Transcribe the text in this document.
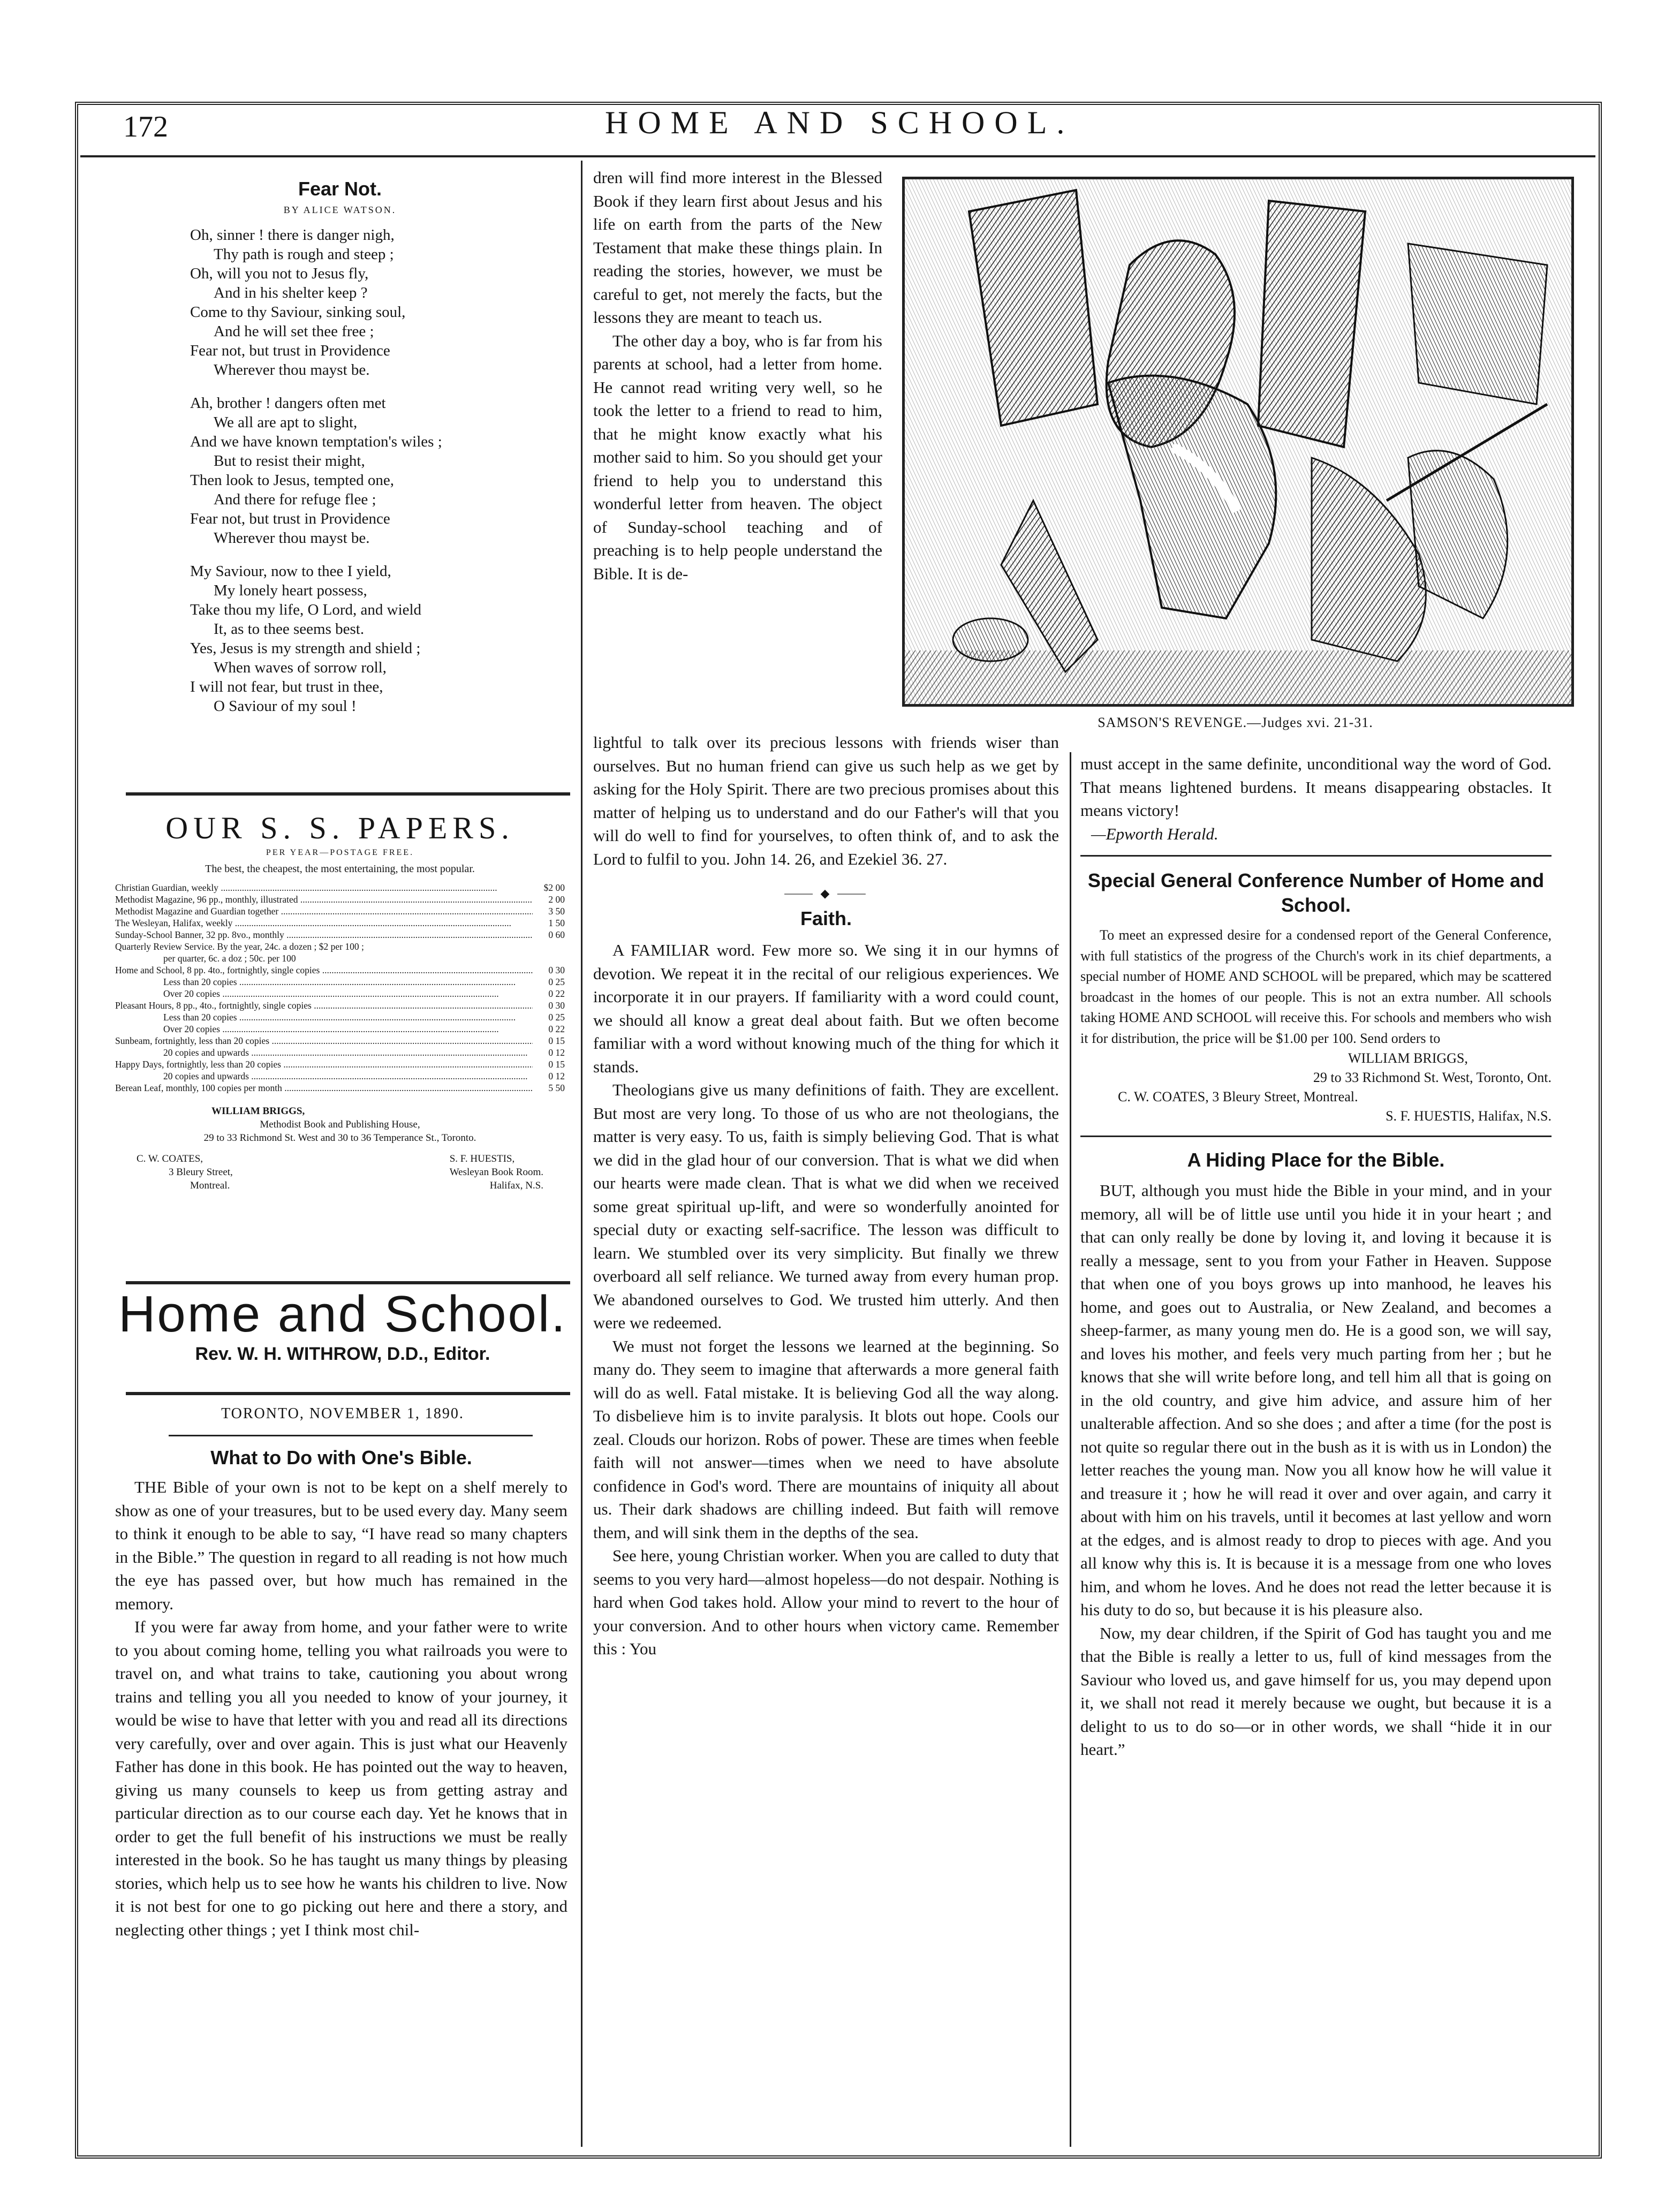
172	HOME AND SCHOOL.
Fear Not.
BY ALICE WATSON.

Oh, sinner ! there is danger nigh,

Thy path is rough and steep ;

Oh, will you not to Jesus fly,

And in his shelter keep ?

Come to thy Saviour, sinking soul,

And he will set thee free ;

Fear not, but trust in Providence

Wherever thou mayst be.

Ah, brother ! dangers often met

We all are apt to slight,

And we have known temptation's wiles ;

But to resist their might,

Then look to Jesus, tempted one,

And there for refuge flee ;

Fear not, but trust in Providence

Wherever thou mayst be.

My Saviour, now to thee I yield,

My lonely heart possess,

Take thou my life, O Lord, and wield

It, as to thee seems best.

Yes, Jesus is my strength and shield ;

When waves of sorrow roll,

I will not fear, but trust in thee,

O Saviour of my soul !

OUR S. S. PAPERS.
PER YEAR—POSTAGE FREE.
The best, the cheapest, the most entertaining, the most popular.
Christian Guardian, weekly .....	$2 00
Methodist Magazine, 96 pp., monthly, illustrated .....	2 00
Methodist Magazine and Guardian together .....	3 50
The Wesleyan, Halifax, weekly .....	1 50
Sunday-School Banner, 32 pp. 8vo., monthly .....	0 60
Quarterly Review Service. By the year, 24c. a dozen ; $2 per 100 ;
per quarter, 6c. a doz ; 50c. per 100
Home and School, 8 pp. 4to., fortnightly, single copies .....	0 30
Less than 20 copies .....	0 25
Over 20 copies .....	0 22
Pleasant Hours, 8 pp., 4to., fortnightly, single copies .....	0 30
Less than 20 copies .....	0 25
Over 20 copies .....	0 22
Sunbeam, fortnightly, less than 20 copies .....	0 15
20 copies and upwards .....	0 12
Happy Days, fortnightly, less than 20 copies .....	0 15
20 copies and upwards .....	0 12
Berean Leaf, monthly, 100 copies per month .....	5 50

WILLIAM BRIGGS,

Methodist Book and Publishing House,

29 to 33 Richmond St. West and 30 to 36 Temperance St., Toronto.

C. W. COATES,

3 Bleury Street,

Montreal.

S. F. HUESTIS,

Wesleyan Book Room.

Halifax, N.S.

Home and School.

Rev. W. H. WITHROW, D.D., Editor.

TORONTO, NOVEMBER 1, 1890.
What to Do with One's Bible.

THE Bible of your own is not to be kept on a shelf merely to show as one of your treasures, but to be used every day. Many seem to think it enough to be able to say, “I have read so many chapters in the Bible.” The question in regard to all reading is not how much the eye has passed over, but how much has remained in the memory.

If you were far away from home, and your father were to write to you about coming home, telling you what railroads you were to travel on, and what trains to take, cautioning you about wrong trains and telling you all you needed to know of your journey, it would be wise to have that letter with you and read all its directions very carefully, over and over again. This is just what our Heavenly Father has done in this book. He has pointed out the way to heaven, giving us many counsels to keep us from getting astray and particular direction as to our course each day. Yet he knows that in order to get the full benefit of his instructions we must be really interested in the book. So he has taught us many things by pleasing stories, which help us to see how he wants his children to live. Now it is not best for one to go picking out here and there a story, and neglecting other things ; yet I think most chil-

dren will find more interest in the Blessed Book if they learn first about Jesus and his life on earth from the parts of the New Testament that make these things plain. In reading the stories, however, we must be careful to get, not merely the facts, but the lessons they are meant to teach us.

The other day a boy, who is far from his parents at school, had a letter from home. He cannot read writing very well, so he took the letter to a friend to read to him, that he might know exactly what his mother said to him. So you should get your friend to help you to understand this wonderful letter from heaven. The object of Sunday-school teaching and of preaching is to help people understand the Bible. It is de-

SAMSON'S REVENGE.—Judges xvi. 21-31.

lightful to talk over its precious lessons with friends wiser than ourselves. But no human friend can give us such help as we get by asking for the Holy Spirit. There are two precious promises about this matter of helping us to understand and do our Father's will that you will do well to find for yourselves, to often think of, and to ask the Lord to fulfil to you. John 14. 26, and Ezekiel 36. 27.

⸻ ◆ ⸻
Faith.

A FAMILIAR word. Few more so. We sing it in our hymns of devotion. We repeat it in the recital of our religious experiences. We incorporate it in our prayers. If familiarity with a word could count, we should all know a great deal about faith. But we often become familiar with a word without knowing much of the thing for which it stands.

Theologians give us many definitions of faith. They are excellent. But most are very long. To those of us who are not theologians, the matter is very easy. To us, faith is simply believing God. That is what we did in the glad hour of our conversion. That is what we did when our hearts were made clean. That is what we did when we received some great spiritual up-lift, and were so wonderfully anointed for special duty or exacting self-sacrifice. The lesson was difficult to learn. We stumbled over its very simplicity. But finally we threw overboard all self reliance. We turned away from every human prop. We abandoned ourselves to God. We trusted him utterly. And then were we redeemed.

We must not forget the lessons we learned at the beginning. So many do. They seem to imagine that afterwards a more general faith will do as well. Fatal mistake. It is believing God all the way along. To disbelieve him is to invite paralysis. It blots out hope. Cools our zeal. Clouds our horizon. Robs of power. These are times when feeble faith will not answer—times when we need to have absolute confidence in God's word. There are mountains of iniquity all about us. Their dark shadows are chilling indeed. But faith will remove them, and will sink them in the depths of the sea.

See here, young Christian worker. When you are called to duty that seems to you very hard—almost hopeless—do not despair. Nothing is hard when God takes hold. Allow your mind to revert to the hour of your conversion. And to other hours when victory came. Remember this : You

must accept in the same definite, unconditional way the word of God. That means lightened burdens. It means disappearing obstacles. It means victory!

—Epworth Herald.

Special General Conference Number of Home and School.

To meet an expressed desire for a condensed report of the General Conference, with full statistics of the progress of the Church's work in its chief departments, a special number of HOME AND SCHOOL will be prepared, which may be scattered broadcast in the homes of our people. This is not an extra number. All schools taking HOME AND SCHOOL will receive this. For schools and members who wish it for distribution, the price will be $1.00 per 100. Send orders to

WILLIAM BRIGGS,

29 to 33 Richmond St. West, Toronto, Ont.

C. W. COATES, 3 Bleury Street, Montreal.

S. F. HUESTIS, Halifax, N.S.

A Hiding Place for the Bible.

BUT, although you must hide the Bible in your mind, and in your memory, all will be of little use until you hide it in your heart ; and that can only really be done by loving it, and loving it because it is really a message, sent to you from your Father in Heaven. Suppose that when one of you boys grows up into manhood, he leaves his home, and goes out to Australia, or New Zealand, and becomes a sheep-farmer, as many young men do. He is a good son, we will say, and loves his mother, and feels very much parting from her ; but he knows that she will write before long, and tell him all that is going on in the old country, and give him advice, and assure him of her unalterable affection. And so she does ; and after a time (for the post is not quite so regular there out in the bush as it is with us in London) the letter reaches the young man. Now you all know how he will value it and treasure it ; how he will read it over and over again, and carry it about with him on his travels, until it becomes at last yellow and worn at the edges, and is almost ready to drop to pieces with age. And you all know why this is. It is because it is a message from one who loves him, and whom he loves. And he does not read the letter because it is his duty to do so, but because it is his pleasure also.

Now, my dear children, if the Spirit of God has taught you and me that the Bible is really a letter to us, full of kind messages from the Saviour who loved us, and gave himself for us, you may depend upon it, we shall not read it merely because we ought, but because it is a delight to us to do so—or in other words, we shall “hide it in our heart.”
